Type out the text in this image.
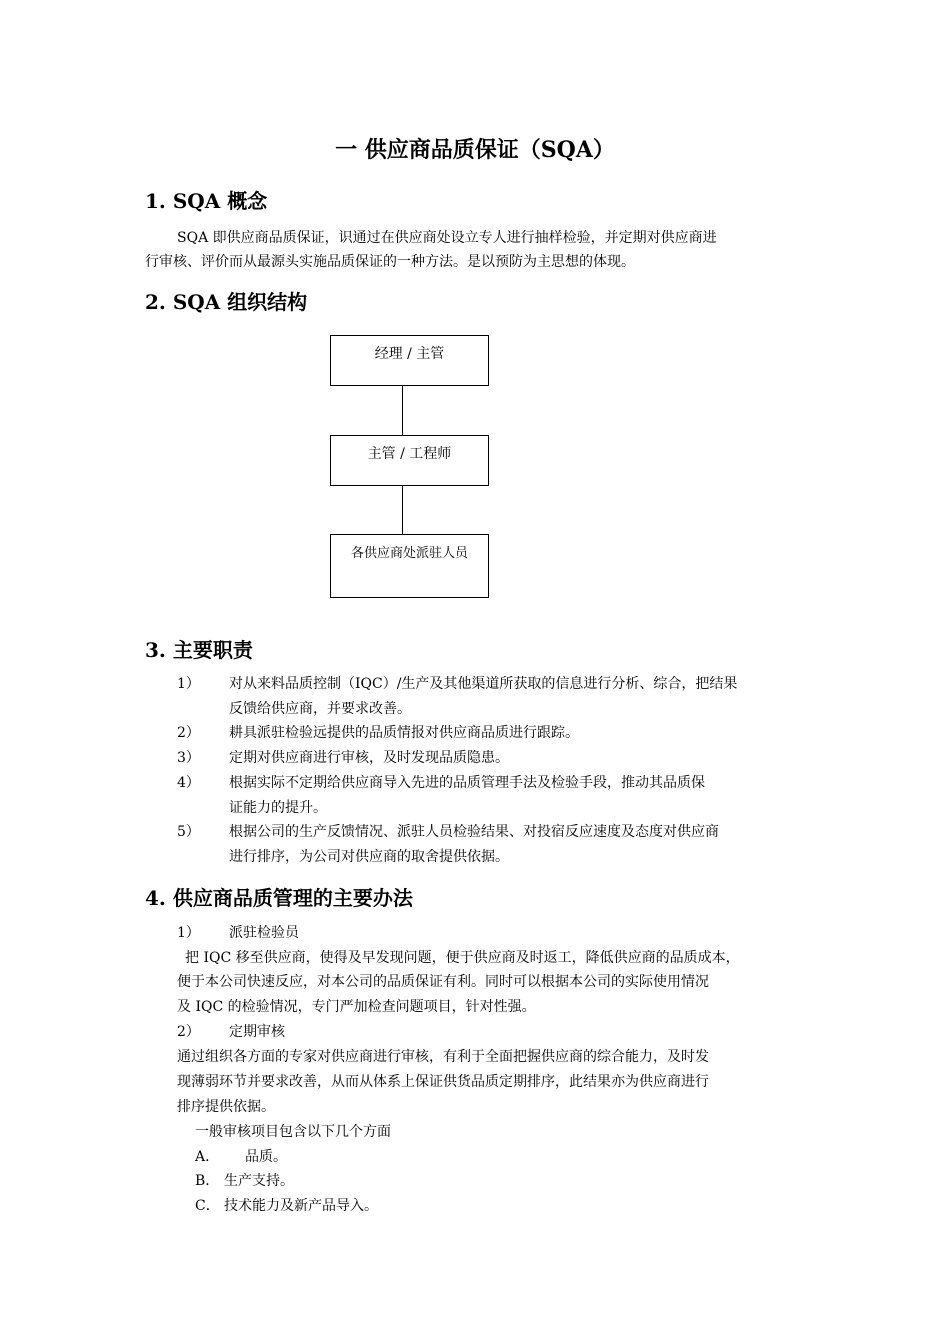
一 供应商品质保证（SQA）
1. SQA 概念
SQA 即供应商品质保证，识通过在供应商处设立专人进行抽样检验，并定期对供应商进
行审核、评价而从最源头实施品质保证的一种方法。是以预防为主思想的体现。
2. SQA 组织结构
经理 / 主管
主管 / 工程师
各供应商处派驻人员
3. 主要职责
1） 对从来料品质控制（IQC）/生产及其他渠道所获取的信息进行分析、综合，把结果
反馈给供应商，并要求改善。
2） 耕具派驻检验远提供的品质情报对供应商品质进行跟踪。
3） 定期对供应商进行审核，及时发现品质隐患。
4） 根据实际不定期给供应商导入先进的品质管理手法及检验手段，推动其品质保
证能力的提升。
5） 根据公司的生产反馈情况、派驻人员检验结果、对投宿反应速度及态度对供应商
进行排序，为公司对供应商的取舍提供依据。
4. 供应商品质管理的主要办法
1） 派驻检验员
把 IQC 移至供应商，使得及早发现问题，便于供应商及时返工，降低供应商的品质成本，
便于本公司快速反应，对本公司的品质保证有利。同时可以根据本公司的实际使用情况
及 IQC 的检验情况，专门严加检查问题项目，针对性强。
2） 定期审核
通过组织各方面的专家对供应商进行审核，有利于全面把握供应商的综合能力，及时发
现薄弱环节并要求改善，从而从体系上保证供货品质定期排序，此结果亦为供应商进行
排序提供依据。
一般审核项目包含以下几个方面
A． 品质。
B． 生产支持。
C． 技术能力及新产品导入。
